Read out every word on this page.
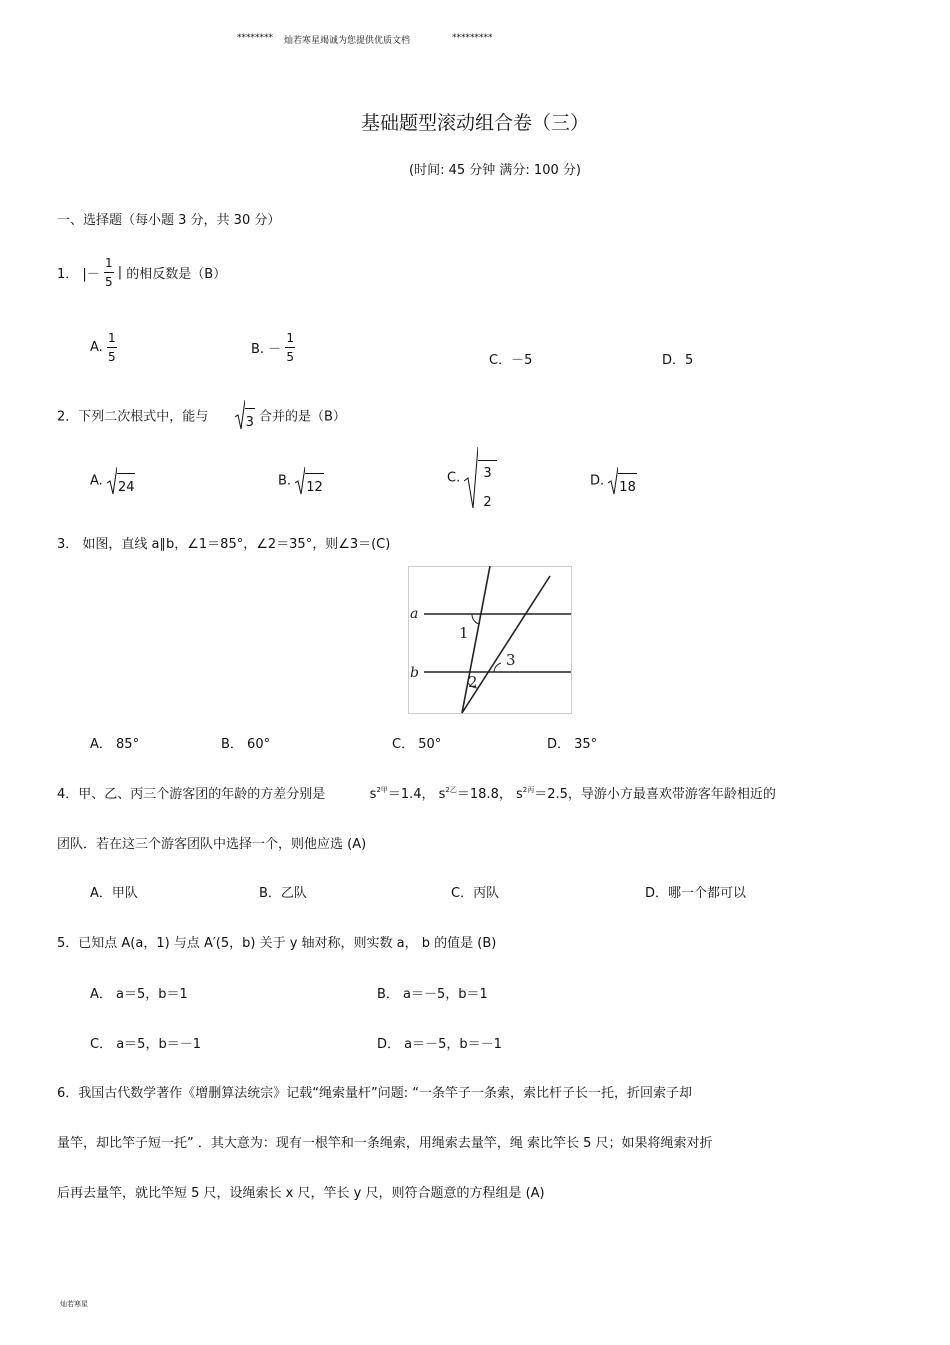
******** 灿若寒星竭诚为您提供优质文档	*********
基础题型滚动组合卷（三）
(时间: 45 分钟 满分: 100 分)
一、选择题（每小题 3 分，共 30 分）
1． |－ $\frac{1}{5}$ | 的相反数是（B）
A. $\frac{1}{5}$	B. － $\frac{1}{5}$	C．－5	D．5
2．下列二次根式中，能与	3 合并的是（B）
A. 24	B. 12
C. 3
2
D. 18
3． 如图，直线 a∥b，∠1＝85°，∠2＝35°，则∠3＝(C)
a
b
1
2
3
A． 85°	B． 60°	C． 50°	D． 35°
4．甲、乙、丙三个游客团的年龄的方差分别是	$s^{2甲}=1.4$， $s^{2乙}=18.8$， $s^{2丙}=2.5$，导游小方最喜欢带游客年龄相近的
团队．若在这三个游客团队中选择一个，则他应选 (A)
A．甲队	B．乙队	C．丙队	D．哪一个都可以
5．已知点 A(a，1) 与点 A′(5，b) 关于 y 轴对称，则实数 a， b 的值是 (B)
A． a＝5，b＝1	B． a＝－5，b＝1
C． a＝5，b＝－1	D． a＝－5，b＝－1
6．我国古代数学著作《增删算法统宗》记载“绳索量杆”问题: “一条竿子一条索，索比杆子长一托，折回索子却
量竿，却比竿子短一托” ．其大意为：现有一根竿和一条绳索，用绳索去量竿，绳 索比竿长 5 尺；如果将绳索对折
后再去量竿，就比竿短 5 尺，设绳索长 x 尺，竿长 y 尺，则符合题意的方程组是 (A)
灿若寒星
